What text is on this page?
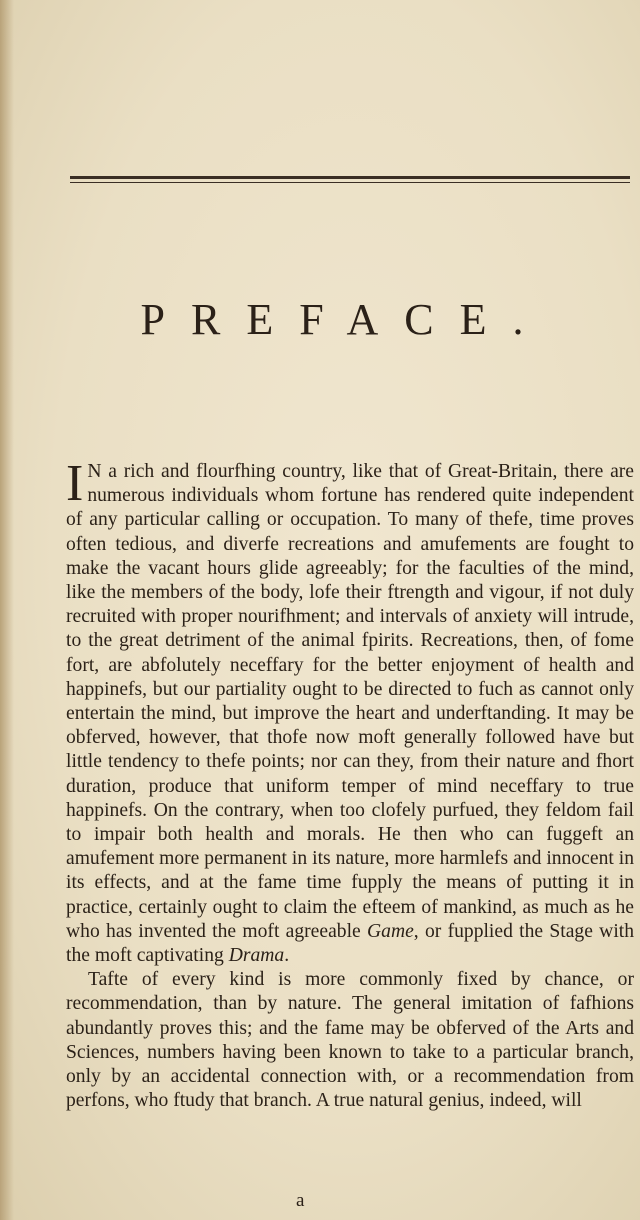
PREFACE.

I N a rich and flourfhing country, like that of Great-Britain, there are numerous individuals whom fortune has rendered quite independent of any particular calling or occupation. To many of thefe, time proves often tedious, and diverfe recreations and amufements are fought to make the vacant hours glide agreeably; for the faculties of the mind, like the members of the body, lofe their ftrength and vigour, if not duly recruited with proper nourifhment; and intervals of anxiety will intrude, to the great detriment of the animal fpirits. Recreations, then, of fome fort, are abfolutely neceffary for the better enjoyment of health and happinefs, but our partiality ought to be directed to fuch as cannot only entertain the mind, but improve the heart and underftanding. It may be obferved, however, that thofe now moft generally followed have but little tendency to thefe points; nor can they, from their nature and fhort duration, produce that uniform temper of mind neceffary to true happinefs. On the contrary, when too clofely purfued, they feldom fail to impair both health and morals. He then who can fuggeft an amufement more permanent in its nature, more harmlefs and innocent in its effects, and at the fame time fupply the means of putting it in practice, certainly ought to claim the efteem of mankind, as much as he who has invented the moft agreeable Game, or fupplied the Stage with the moft captivating Drama.

Tafte of every kind is more commonly fixed by chance, or recommendation, than by nature. The general imitation of fafhions abundantly proves this; and the fame may be obferved of the Arts and Sciences, numbers having been known to take to a particular branch, only by an accidental connection with, or a recommendation from perfons, who ftudy that branch. A true natural genius, indeed, will

a
